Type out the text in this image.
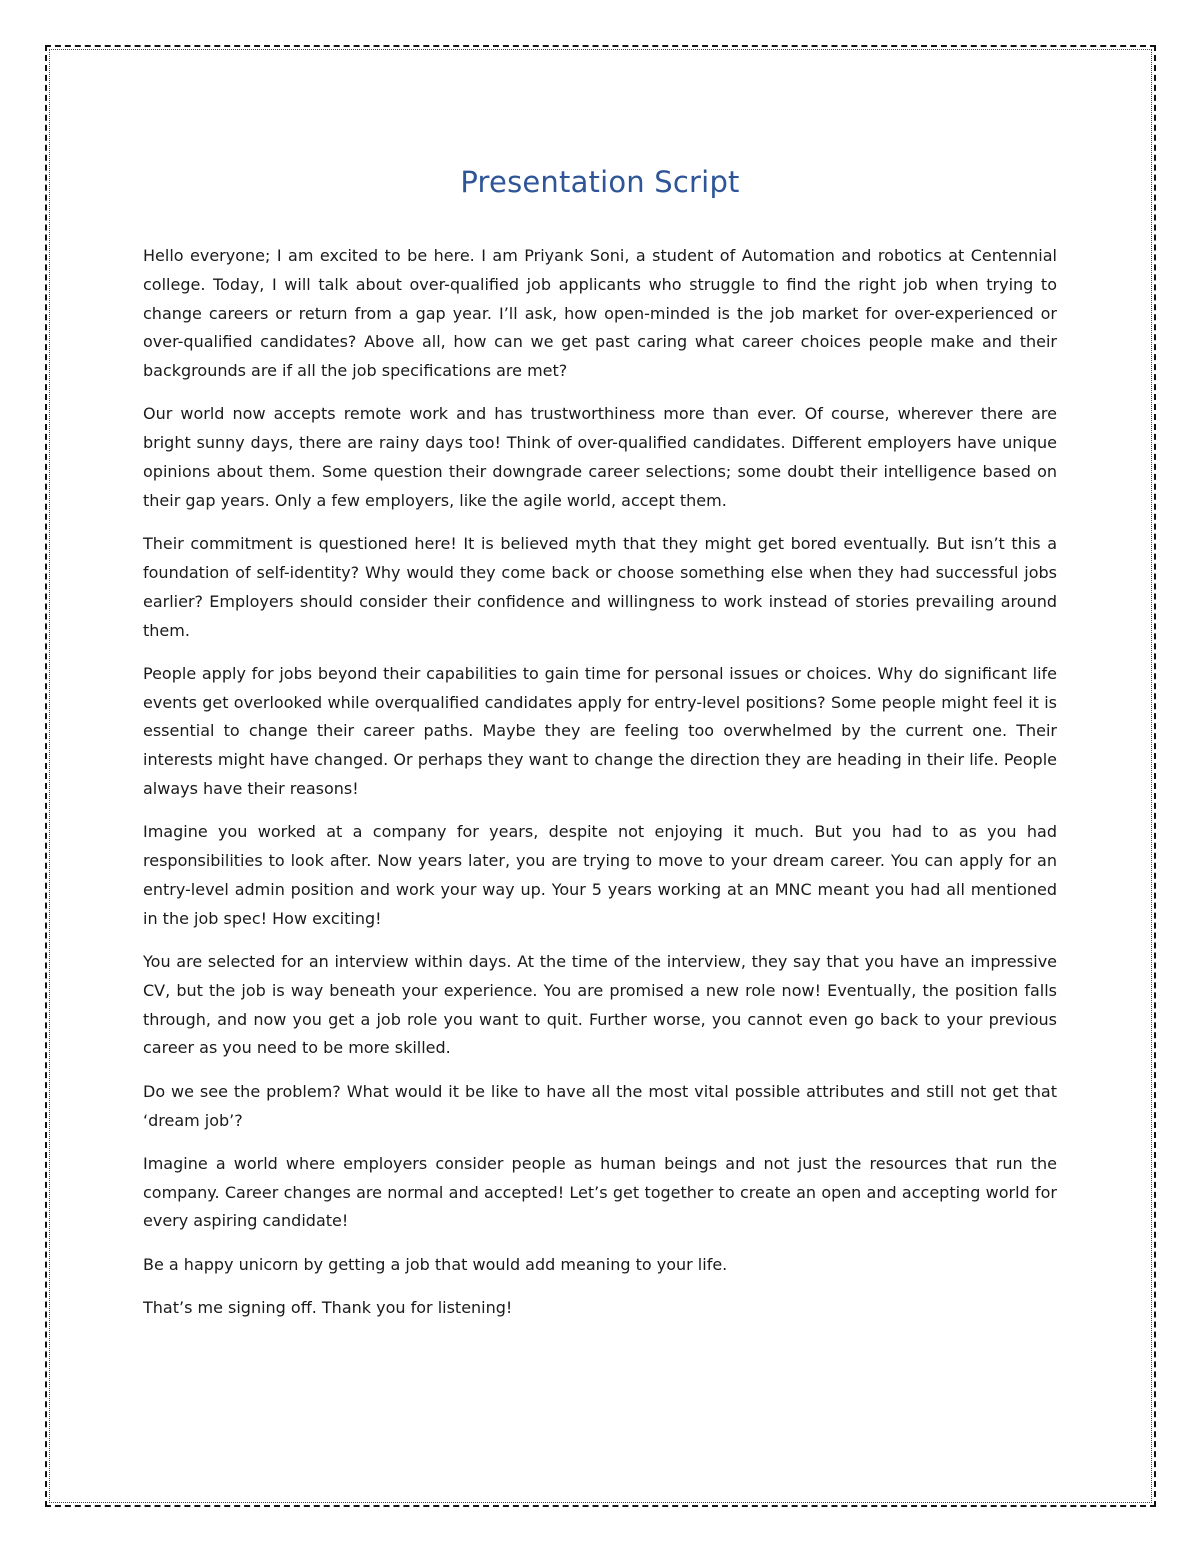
Presentation Script

Hello everyone; I am excited to be here. I am Priyank Soni, a student of Automation and robotics at Centennial college. Today, I will talk about over-qualified job applicants who struggle to find the right job when trying to change careers or return from a gap year. I’ll ask, how open-minded is the job market for over-experienced or over-qualified candidates? Above all, how can we get past caring what career choices people make and their backgrounds are if all the job specifications are met?

Our world now accepts remote work and has trustworthiness more than ever. Of course, wherever there are bright sunny days, there are rainy days too! Think of over-qualified candidates. Different employers have unique opinions about them. Some question their downgrade career selections; some doubt their intelligence based on their gap years. Only a few employers, like the agile world, accept them.

Their commitment is questioned here! It is believed myth that they might get bored eventually. But isn’t this a foundation of self-identity? Why would they come back or choose something else when they had successful jobs earlier? Employers should consider their confidence and willingness to work instead of stories prevailing around them.

People apply for jobs beyond their capabilities to gain time for personal issues or choices. Why do significant life events get overlooked while overqualified candidates apply for entry-level positions? Some people might feel it is essential to change their career paths. Maybe they are feeling too overwhelmed by the current one. Their interests might have changed. Or perhaps they want to change the direction they are heading in their life. People always have their reasons!

Imagine you worked at a company for years, despite not enjoying it much. But you had to as you had responsibilities to look after. Now years later, you are trying to move to your dream career. You can apply for an entry-level admin position and work your way up. Your 5 years working at an MNC meant you had all mentioned in the job spec! How exciting!

You are selected for an interview within days. At the time of the interview, they say that you have an impressive CV, but the job is way beneath your experience. You are promised a new role now! Eventually, the position falls through, and now you get a job role you want to quit. Further worse, you cannot even go back to your previous career as you need to be more skilled.

Do we see the problem? What would it be like to have all the most vital possible attributes and still not get that ‘dream job’?

Imagine a world where employers consider people as human beings and not just the resources that run the company. Career changes are normal and accepted! Let’s get together to create an open and accepting world for every aspiring candidate!

Be a happy unicorn by getting a job that would add meaning to your life.

That’s me signing off. Thank you for listening!
